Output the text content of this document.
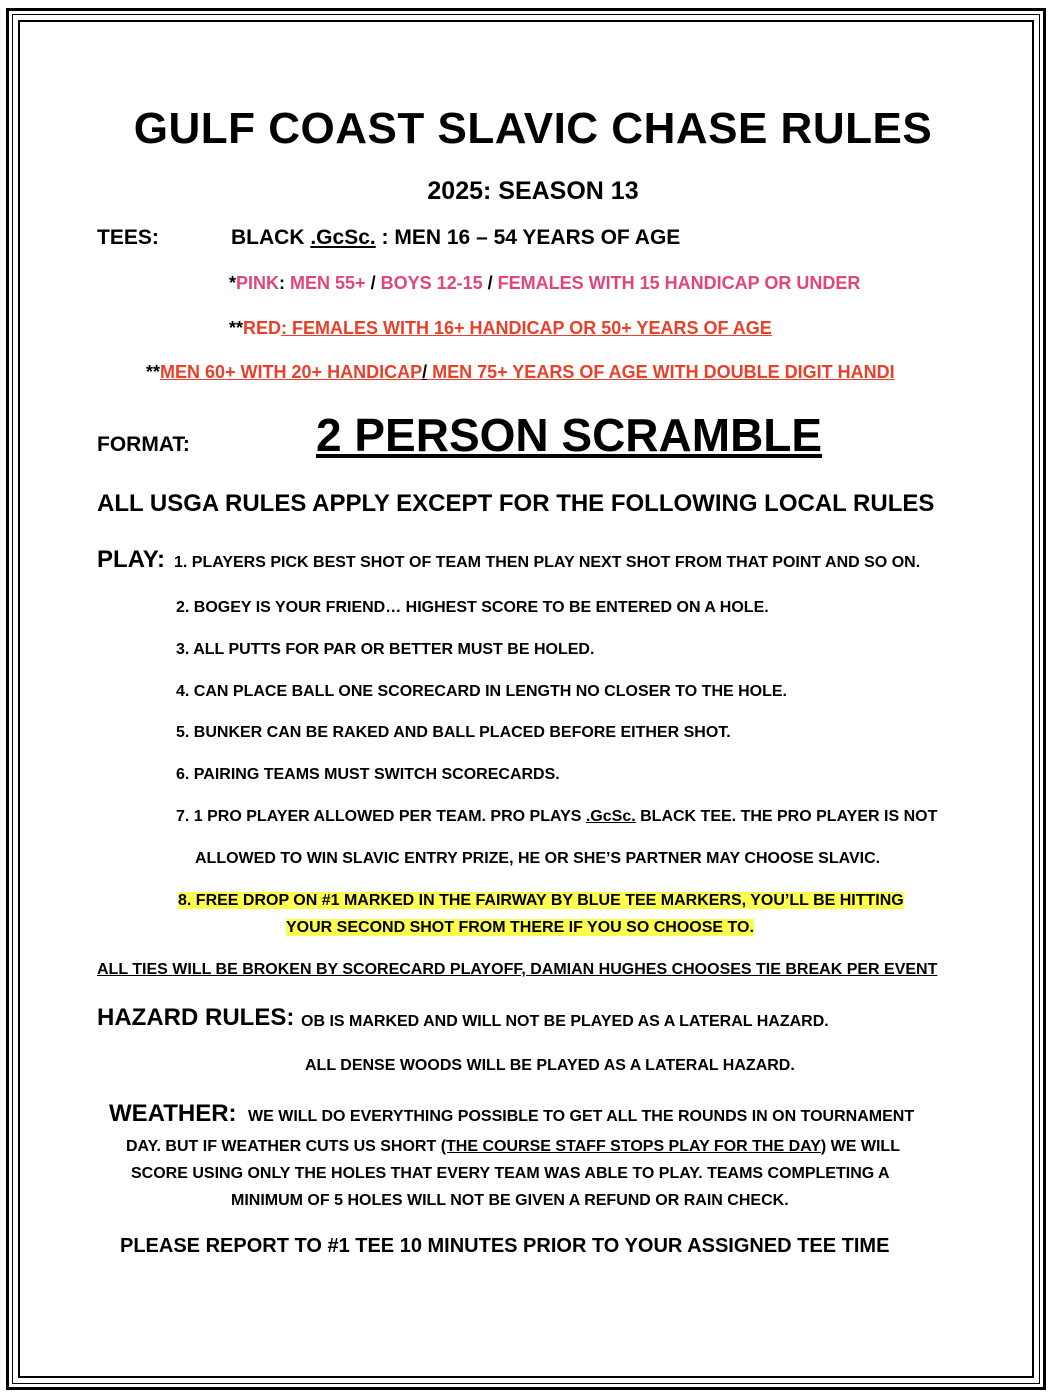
GULF COAST SLAVIC CHASE RULES
2025: SEASON 13
TEES:	BLACK .GcSc. : MEN 16 – 54 YEARS OF AGE
*PINK: MEN 55+ / BOYS 12-15 / FEMALES WITH 15 HANDICAP OR UNDER
**RED: FEMALES WITH 16+ HANDICAP OR 50+ YEARS OF AGE
**MEN 60+ WITH 20+ HANDICAP/ MEN 75+ YEARS OF AGE WITH DOUBLE DIGIT HANDI
FORMAT:	2 PERSON SCRAMBLE
ALL USGA RULES APPLY EXCEPT FOR THE FOLLOWING LOCAL RULES
PLAY: 1. PLAYERS PICK BEST SHOT OF TEAM THEN PLAY NEXT SHOT FROM THAT POINT AND SO ON.
2. BOGEY IS YOUR FRIEND… HIGHEST SCORE TO BE ENTERED ON A HOLE.
3. ALL PUTTS FOR PAR OR BETTER MUST BE HOLED.
4. CAN PLACE BALL ONE SCORECARD IN LENGTH NO CLOSER TO THE HOLE.
5. BUNKER CAN BE RAKED AND BALL PLACED BEFORE EITHER SHOT.
6. PAIRING TEAMS MUST SWITCH SCORECARDS.
7. 1 PRO PLAYER ALLOWED PER TEAM. PRO PLAYS .GcSc. BLACK TEE. THE PRO PLAYER IS NOT
ALLOWED TO WIN SLAVIC ENTRY PRIZE, HE OR SHE’S PARTNER MAY CHOOSE SLAVIC.
8. FREE DROP ON #1 MARKED IN THE FAIRWAY BY BLUE TEE MARKERS, YOU’LL BE HITTING
YOUR SECOND SHOT FROM THERE IF YOU SO CHOOSE TO.
ALL TIES WILL BE BROKEN BY SCORECARD PLAYOFF, DAMIAN HUGHES CHOOSES TIE BREAK PER EVENT
HAZARD RULES: OB IS MARKED AND WILL NOT BE PLAYED AS A LATERAL HAZARD.
ALL DENSE WOODS WILL BE PLAYED AS A LATERAL HAZARD.
WEATHER: WE WILL DO EVERYTHING POSSIBLE TO GET ALL THE ROUNDS IN ON TOURNAMENT
DAY. BUT IF WEATHER CUTS US SHORT (THE COURSE STAFF STOPS PLAY FOR THE DAY) WE WILL
SCORE USING ONLY THE HOLES THAT EVERY TEAM WAS ABLE TO PLAY. TEAMS COMPLETING A
MINIMUM OF 5 HOLES WILL NOT BE GIVEN A REFUND OR RAIN CHECK.
PLEASE REPORT TO #1 TEE 10 MINUTES PRIOR TO YOUR ASSIGNED TEE TIME
